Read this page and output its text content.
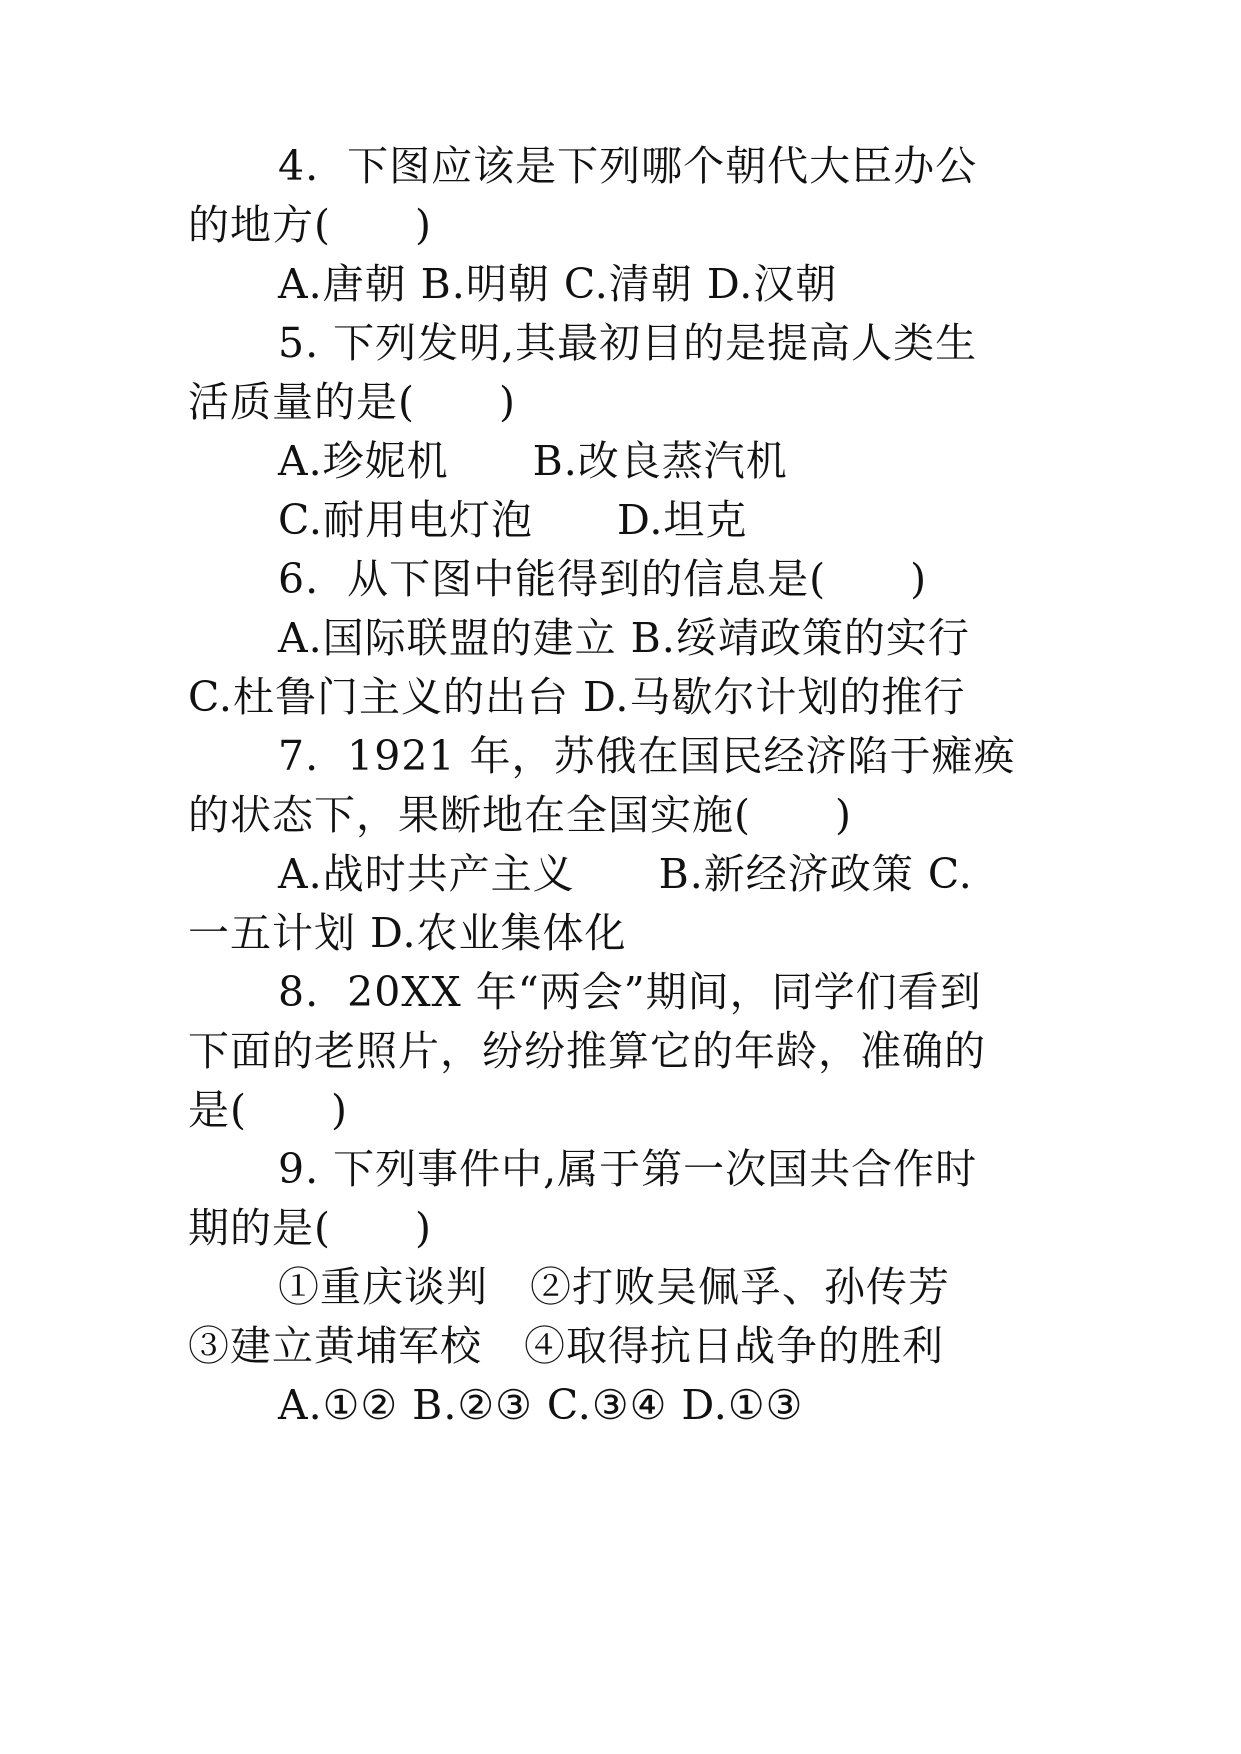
4.  下图应该是下列哪个朝代大臣办公
的地方(　　)
A.唐朝 B.明朝 C.清朝 D.汉朝
5. 下列发明,其最初目的是提高人类生
活质量的是(　　)
A.珍妮机　　B.改良蒸汽机
C.耐用电灯泡　　D.坦克
6.  从下图中能得到的信息是(　　)
A.国际联盟的建立 B.绥靖政策的实行
C.杜鲁门主义的出台 D.马歇尔计划的推行
7.  1921 年，苏俄在国民经济陷于瘫痪
的状态下，果断地在全国实施(　　)
A.战时共产主义　　B.新经济政策 C.
一五计划 D.农业集体化
8.  20XX 年“两会”期间，同学们看到
下面的老照片，纷纷推算它的年龄，准确的
是(　　)
9. 下列事件中,属于第一次国共合作时
期的是(　　)
①重庆谈判　②打败吴佩孚、孙传芳
③建立黄埔军校　④取得抗日战争的胜利
A.①② B.②③ C.③④ D.①③
